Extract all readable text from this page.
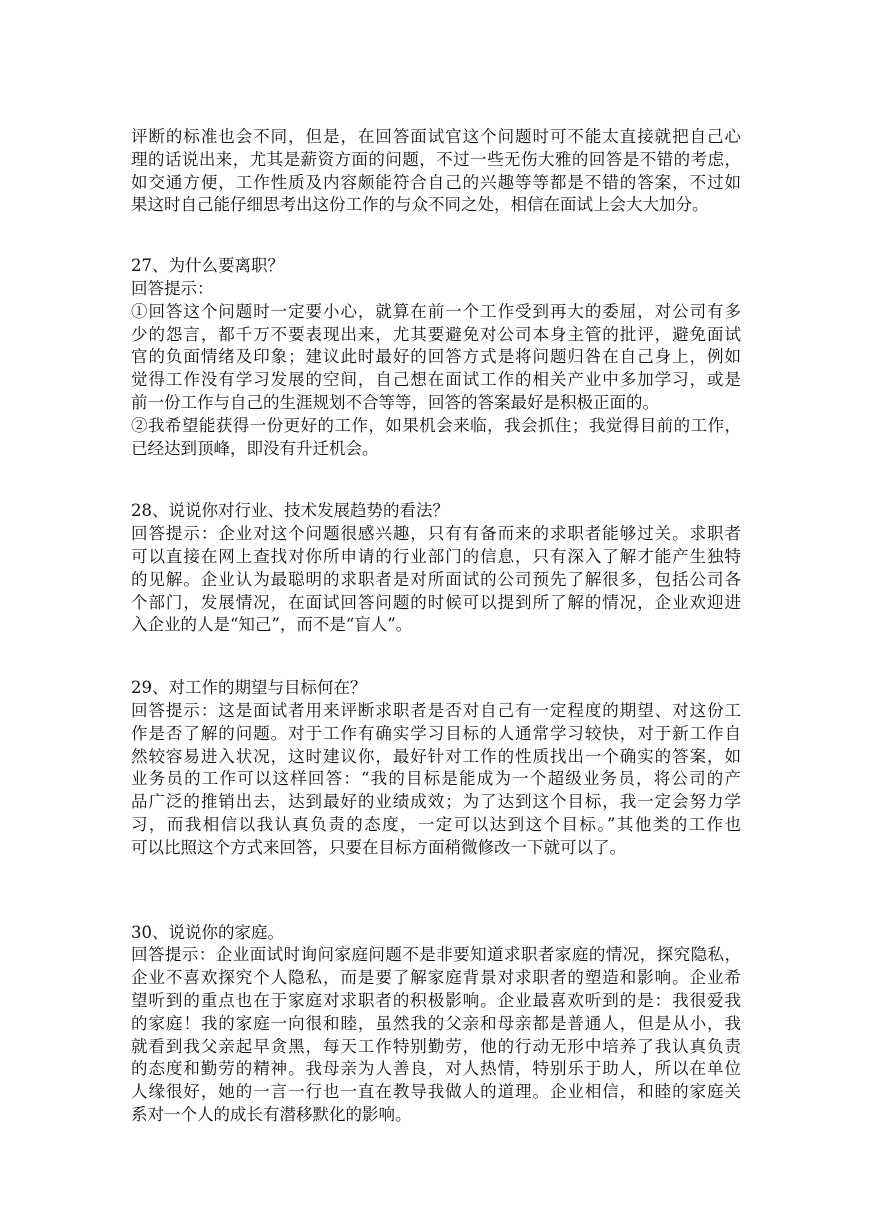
评断的标准也会不同，但是，在回答面试官这个问题时可不能太直接就把自己心
理的话说出来，尤其是薪资方面的问题，不过一些无伤大雅的回答是不错的考虑，
如交通方便，工作性质及内容颇能符合自己的兴趣等等都是不错的答案，不过如
果这时自己能仔细思考出这份工作的与众不同之处，相信在面试上会大大加分。
27、为什么要离职？
回答提示：
①回答这个问题时一定要小心，就算在前一个工作受到再大的委屈，对公司有多
少的怨言，都千万不要表现出来，尤其要避免对公司本身主管的批评，避免面试
官的负面情绪及印象；建议此时最好的回答方式是将问题归咎在自己身上，例如
觉得工作没有学习发展的空间，自己想在面试工作的相关产业中多加学习，或是
前一份工作与自己的生涯规划不合等等，回答的答案最好是积极正面的。
②我希望能获得一份更好的工作，如果机会来临，我会抓住；我觉得目前的工作，
已经达到顶峰，即没有升迁机会。
28、说说你对行业、技术发展趋势的看法？
回答提示：企业对这个问题很感兴趣，只有有备而来的求职者能够过关。求职者
可以直接在网上查找对你所申请的行业部门的信息，只有深入了解才能产生独特
的见解。企业认为最聪明的求职者是对所面试的公司预先了解很多，包括公司各
个部门，发展情况，在面试回答问题的时候可以提到所了解的情况，企业欢迎进
入企业的人是“知己”，而不是“盲人”。
29、对工作的期望与目标何在？
回答提示：这是面试者用来评断求职者是否对自己有一定程度的期望、对这份工
作是否了解的问题。对于工作有确实学习目标的人通常学习较快，对于新工作自
然较容易进入状况，这时建议你，最好针对工作的性质找出一个确实的答案，如
业务员的工作可以这样回答：“我的目标是能成为一个超级业务员，将公司的产
品广泛的推销出去，达到最好的业绩成效；为了达到这个目标，我一定会努力学
习，而我相信以我认真负责的态度，一定可以达到这个目标。”其他类的工作也
可以比照这个方式来回答，只要在目标方面稍微修改一下就可以了。
30、说说你的家庭。
回答提示：企业面试时询问家庭问题不是非要知道求职者家庭的情况，探究隐私，
企业不喜欢探究个人隐私，而是要了解家庭背景对求职者的塑造和影响。企业希
望听到的重点也在于家庭对求职者的积极影响。企业最喜欢听到的是：我很爱我
的家庭！我的家庭一向很和睦，虽然我的父亲和母亲都是普通人，但是从小，我
就看到我父亲起早贪黑，每天工作特别勤劳，他的行动无形中培养了我认真负责
的态度和勤劳的精神。我母亲为人善良，对人热情，特别乐于助人，所以在单位
人缘很好，她的一言一行也一直在教导我做人的道理。企业相信，和睦的家庭关
系对一个人的成长有潜移默化的影响。
